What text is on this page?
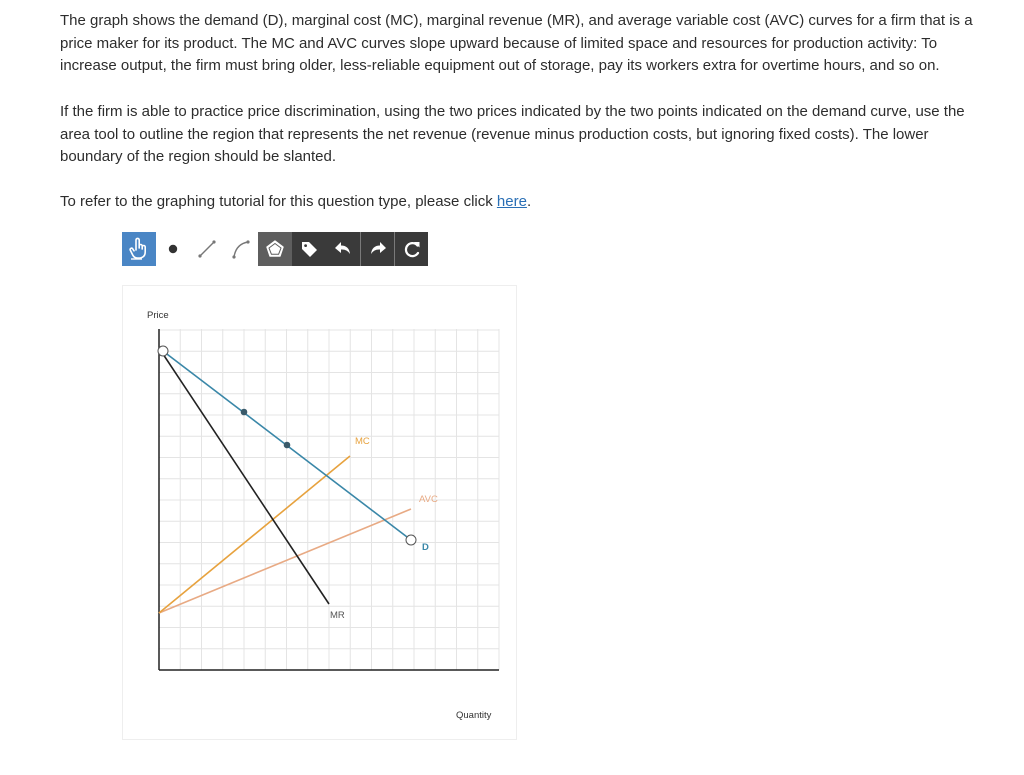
The graph shows the demand (D), marginal cost (MC), marginal revenue (MR), and average variable cost (AVC) curves for a firm that is a price maker for its product. The MC and AVC curves slope upward because of limited space and resources for production activity: To increase output, the firm must bring older, less-reliable equipment out of storage, pay its workers extra for overtime hours, and so on.

If the firm is able to practice price discrimination, using the two prices indicated by the two points indicated on the demand curve, use the area tool to outline the region that represents the net revenue (revenue minus production costs, but ignoring fixed costs). The lower boundary of the region should be slanted.

To refer to the graphing tutorial for this question type, please click here.

Price
Quantity
MC
AVC
D
MR
